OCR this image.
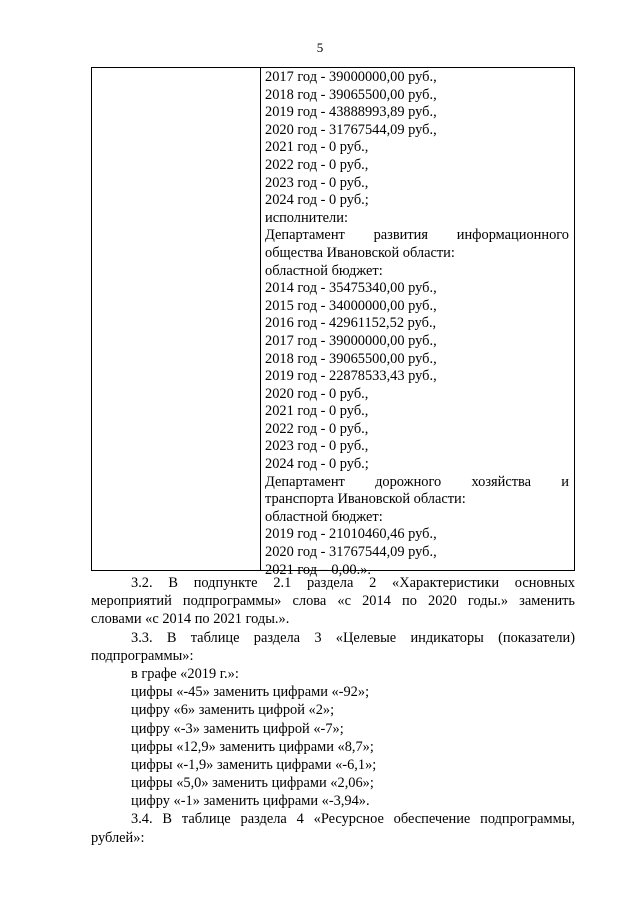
5
2017 год - 39000000,00 руб.,
2018 год - 39065500,00 руб.,
2019 год - 43888993,89 руб.,
2020 год - 31767544,09 руб.,
2021 год - 0 руб.,
2022 год - 0 руб.,
2023 год - 0 руб.,
2024 год - 0 руб.;
исполнители:
Департамент развития информационного
общества Ивановской области:
областной бюджет:
2014 год - 35475340,00 руб.,
2015 год - 34000000,00 руб.,
2016 год - 42961152,52 руб.,
2017 год - 39000000,00 руб.,
2018 год - 39065500,00 руб.,
2019 год - 22878533,43 руб.,
2020 год - 0 руб.,
2021 год - 0 руб.,
2022 год - 0 руб.,
2023 год - 0 руб.,
2024 год - 0 руб.;
Департамент дорожного хозяйства и
транспорта Ивановской области:
областной бюджет:
2019 год - 21010460,46 руб.,
2020 год - 31767544,09 руб.,
2021 год – 0,00.».
3.2. В подпункте 2.1 раздела 2 «Характеристики основных
мероприятий подпрограммы» слова «с 2014 по 2020 годы.» заменить
словами «с 2014 по 2021 годы.».
3.3. В таблице раздела 3 «Целевые индикаторы (показатели)
подпрограммы»:
в графе «2019 г.»:
цифры «-45» заменить цифрами «-92»;
цифру «6» заменить цифрой «2»;
цифру «-3» заменить цифрой «-7»;
цифры «12,9» заменить цифрами «8,7»;
цифры «-1,9» заменить цифрами «-6,1»;
цифры «5,0» заменить цифрами «2,06»;
цифру «-1» заменить цифрами «-3,94».
3.4. В таблице раздела 4 «Ресурсное обеспечение подпрограммы,
рублей»:
